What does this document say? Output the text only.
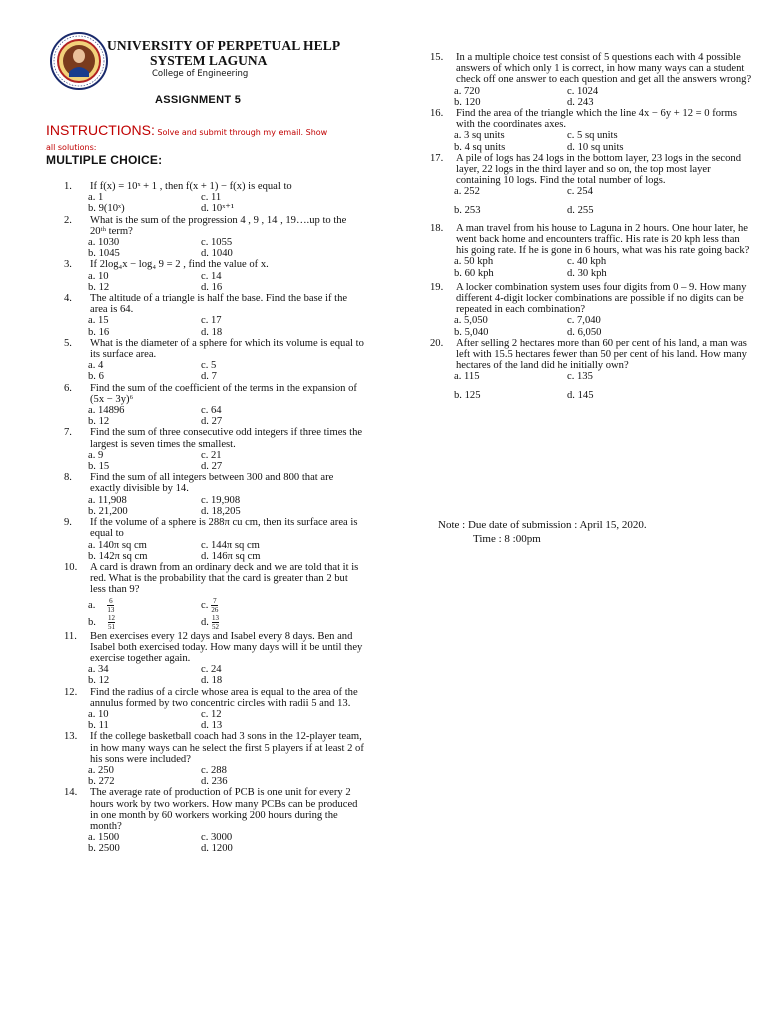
UNIVERSITY OF PERPETUAL HELP
SYSTEM LAGUNA
College of Engineering
ASSIGNMENT 5
INSTRUCTIONS: Solve and submit through my email. Show
all solutions:
MULTIPLE CHOICE:
1. If f(x) = 10ˣ + 1 , then f(x + 1) − f(x) is equal to
a. 1	c. 11
b. 9(10ˣ)	d. 10ˣ⁺¹
2. What is the sum of the progression 4 , 9 , 14 , 19….up to the 20ᵗʰ term?
a. 1030	c. 1055
b. 1045	d. 1040
3. If 2log₄x − log₄ 9 = 2 , find the value of x.
a. 10	c. 14
b. 12	d. 16
4. The altitude of a triangle is half the base. Find the base if the area is 64.
a. 15	c. 17
b. 16	d. 18
5. What is the diameter of a sphere for which its volume is equal to its surface area.
a. 4	c. 5
b. 6	d. 7
6. Find the sum of the coefficient of the terms in the expansion of (5x − 3y)⁶
a. 14896	c. 64
b. 12	d. 27
7. Find the sum of three consecutive odd integers if three times the largest is seven times the smallest.
a. 9	c. 21
b. 15	d. 27
8. Find the sum of all integers between 300 and 800 that are exactly divisible by 14.
a. 11,908	c. 19,908
b. 21,200	d. 18,205
9. If the volume of a sphere is 288π cu cm, then its surface area is equal to
a. 140π sq cm	c. 144π sq cm
b. 142π sq cm	d. 146π sq cm
10. A card is drawn from an ordinary deck and we are told that it is red. What is the probability that the card is greater than 2 but less than 9?
a. $\frac{6}{13}$	c. $\frac{7}{26}$
b. $\frac{12}{51}$	d. $\frac{13}{52}$
11. Ben exercises every 12 days and Isabel every 8 days. Ben and Isabel both exercised today. How many days will it be until they exercise together again.
a. 34	c. 24
b. 12	d. 18
12. Find the radius of a circle whose area is equal to the area of the annulus formed by two concentric circles with radii 5 and 13.
a. 10	c. 12
b. 11	d. 13
13. If the college basketball coach had 3 sons in the 12-player team, in how many ways can he select the first 5 players if at least 2 of his sons were included?
a. 250	c. 288
b. 272	d. 236
14. The average rate of production of PCB is one unit for every 2 hours work by two workers. How many PCBs can be produced in one month by 60 workers working 200 hours during the month?
a. 1500	c. 3000
b. 2500	d. 1200
15. In a multiple choice test consist of 5 questions each with 4 possible answers of which only 1 is correct, in how many ways can a student check off one answer to each question and get all the answers wrong?
a. 720	c. 1024
b. 120	d. 243
16. Find the area of the triangle which the line 4x − 6y + 12 = 0 forms with the coordinates axes.
a. 3 sq units	c. 5 sq units
b. 4 sq units	d. 10 sq units
17. A pile of logs has 24 logs in the bottom layer, 23 logs in the second layer, 22 logs in the third layer and so on, the top most layer containing 10 logs. Find the total number of logs.
a. 252	c. 254
b. 253	d. 255
18. A man travel from his house to Laguna in 2 hours. One hour later, he went back home and encounters traffic. His rate is 20 kph less than his going rate. If he is gone in 6 hours, what was his rate going back?
a. 50 kph	c. 40 kph
b. 60 kph	d. 30 kph
19. A locker combination system uses four digits from 0 – 9. How many different 4-digit locker combinations are possible if no digits can be repeated in each combination?
a. 5,050	c. 7,040
b. 5,040	d. 6,050
20. After selling 2 hectares more than 60 per cent of his land, a man was left with 15.5 hectares fewer than 50 per cent of his land. How many hectares of the land did he initially own?
a. 115	c. 135
b. 125	d. 145
Note : Due date of submission : April 15, 2020.
Time : 8 :00pm
